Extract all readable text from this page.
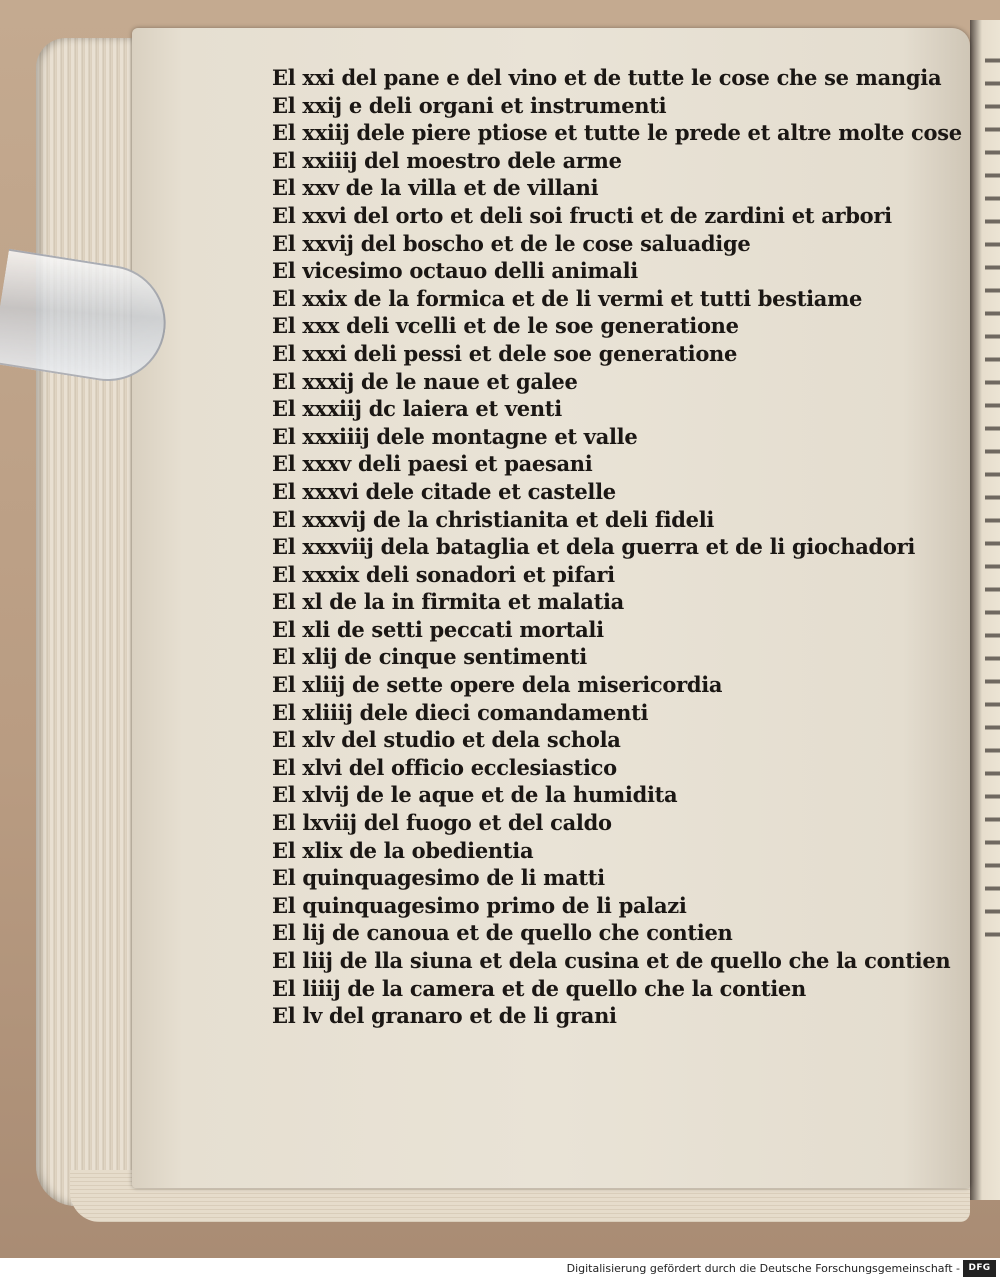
El xxi del pane e del vino et de tutte le cose che se mangia
El xxij e deli organi et instrumenti
El xxiij dele piere ptiose et tutte le prede et altre molte cose
El xxiiij del moestro dele arme
El xxv de la villa et de villani
El xxvi del orto et deli soi fructi et de zardini et arbori
El xxvij del boscho et de le cose saluadige
El vicesimo octauo delli animali
El xxix de la formica et de li vermi et tutti bestiame
El xxx deli vcelli et de le soe generatione
El xxxi deli pessi et dele soe generatione
El xxxij de le naue et galee
El xxxiij dc laiera et venti
El xxxiiij dele montagne et valle
El xxxv deli paesi et paesani
El xxxvi dele citade et castelle
El xxxvij de la christianita et deli fideli
El xxxviij dela bataglia et dela guerra et de li giochadori
El xxxix deli sonadori et pifari
El xl de la in firmita et malatia
El xli de setti peccati mortali
El xlij de cinque sentimenti
El xliij de sette opere dela misericordia
El xliiij dele dieci comandamenti
El xlv del studio et dela schola
El xlvi del officio ecclesiastico
El xlvij de le aque et de la humidita
El lxviij del fuogo et del caldo
El xlix de la obedientia
El quinquagesimo de li matti
El quinquagesimo primo de li palazi
El lij de canoua et de quello che contien
El liij de lla siuna et dela cusina et de quello che la contien
El liiij de la camera et de quello che la contien
El lv del granaro et de li grani
Digitalisierung gefördert durch die Deutsche Forschungsgemeinschaft - DFG
